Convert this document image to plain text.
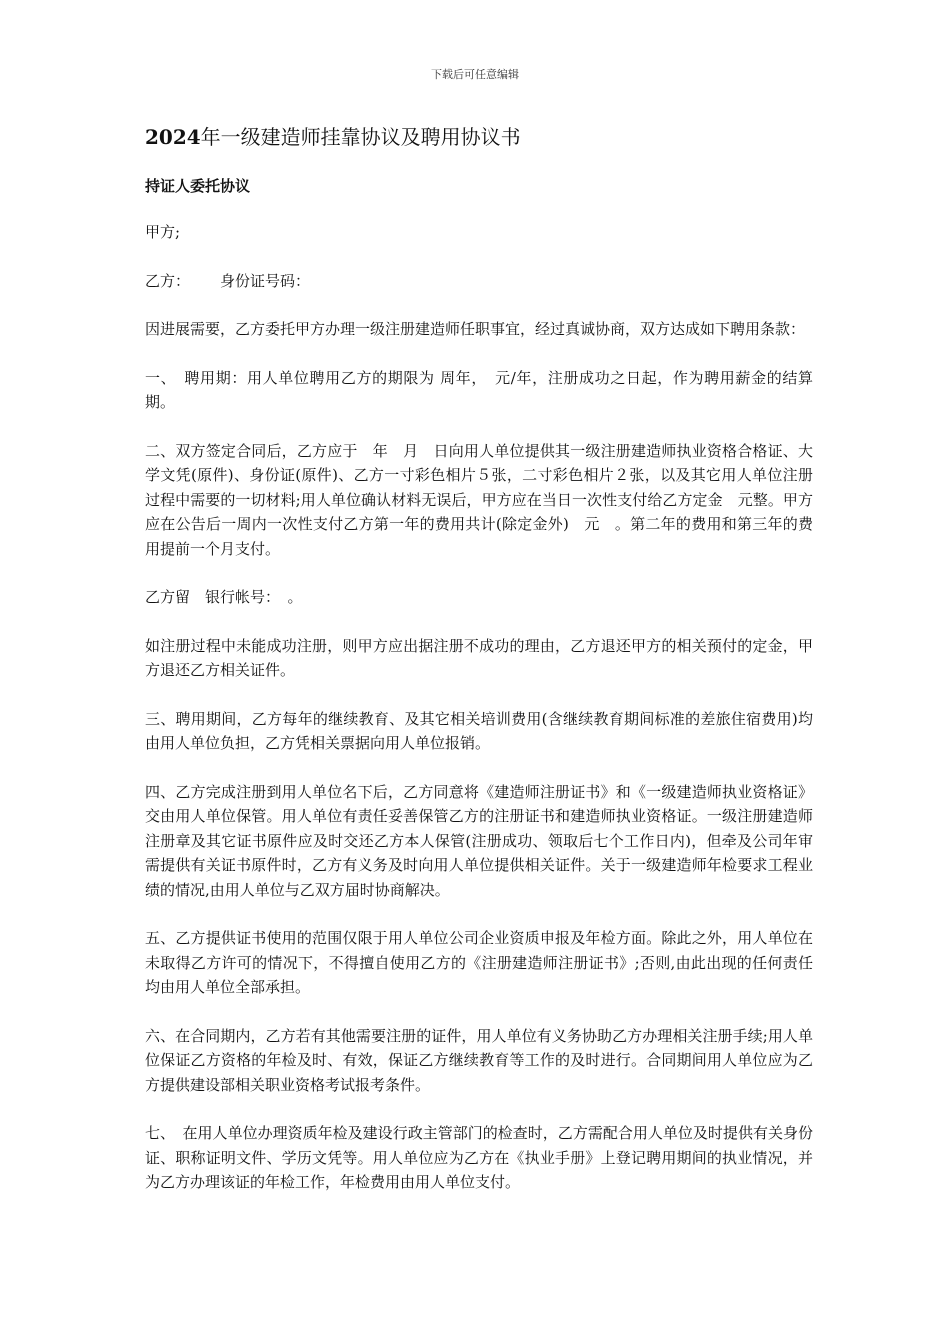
下载后可任意编辑
2024年一级建造师挂靠协议及聘用协议书
持证人委托协议

甲方;

乙方： 身份证号码：

因进展需要，乙方委托甲方办理一级注册建造师任职事宜，经过真诚协商，双方达成如下聘用条款：

一、　聘用期：用人单位聘用乙方的期限为 周年，　元/年，注册成功之日起，作为聘用薪金的结算期。

二、双方签定合同后，乙方应于　年　月　日向用人单位提供其一级注册建造师执业资格合格证、大学文凭(原件)、身份证(原件)、乙方一寸彩色相片５张，二寸彩色相片２张，以及其它用人单位注册过程中需要的一切材料;用人单位确认材料无误后，甲方应在当日一次性支付给乙方定金　元整。甲方应在公告后一周内一次性支付乙方第一年的费用共计(除定金外)　元　。第二年的费用和第三年的费用提前一个月支付。

乙方留　银行帐号：　。

如注册过程中未能成功注册，则甲方应出据注册不成功的理由，乙方退还甲方的相关预付的定金，甲方退还乙方相关证件。

三、聘用期间，乙方每年的继续教育、及其它相关培训费用(含继续教育期间标准的差旅住宿费用)均由用人单位负担，乙方凭相关票据向用人单位报销。

四、乙方完成注册到用人单位名下后，乙方同意将《建造师注册证书》和《一级建造师执业资格证》交由用人单位保管。用人单位有责任妥善保管乙方的注册证书和建造师执业资格证。一级注册建造师注册章及其它证书原件应及时交还乙方本人保管(注册成功、领取后七个工作日内)，但牵及公司年审需提供有关证书原件时，乙方有义务及时向用人单位提供相关证件。关于一级建造师年检要求工程业绩的情况,由用人单位与乙双方届时协商解决。

五、乙方提供证书使用的范围仅限于用人单位公司企业资质申报及年检方面。除此之外，用人单位在未取得乙方许可的情况下，不得擅自使用乙方的《注册建造师注册证书》;否则,由此出现的任何责任均由用人单位全部承担。

六、在合同期内，乙方若有其他需要注册的证件，用人单位有义务协助乙方办理相关注册手续;用人单位保证乙方资格的年检及时、有效，保证乙方继续教育等工作的及时进行。合同期间用人单位应为乙方提供建设部相关职业资格考试报考条件。

七、　在用人单位办理资质年检及建设行政主管部门的检查时，乙方需配合用人单位及时提供有关身份证、职称证明文件、学历文凭等。用人单位应为乙方在《执业手册》上登记聘用期间的执业情况，并为乙方办理该证的年检工作，年检费用由用人单位支付。
